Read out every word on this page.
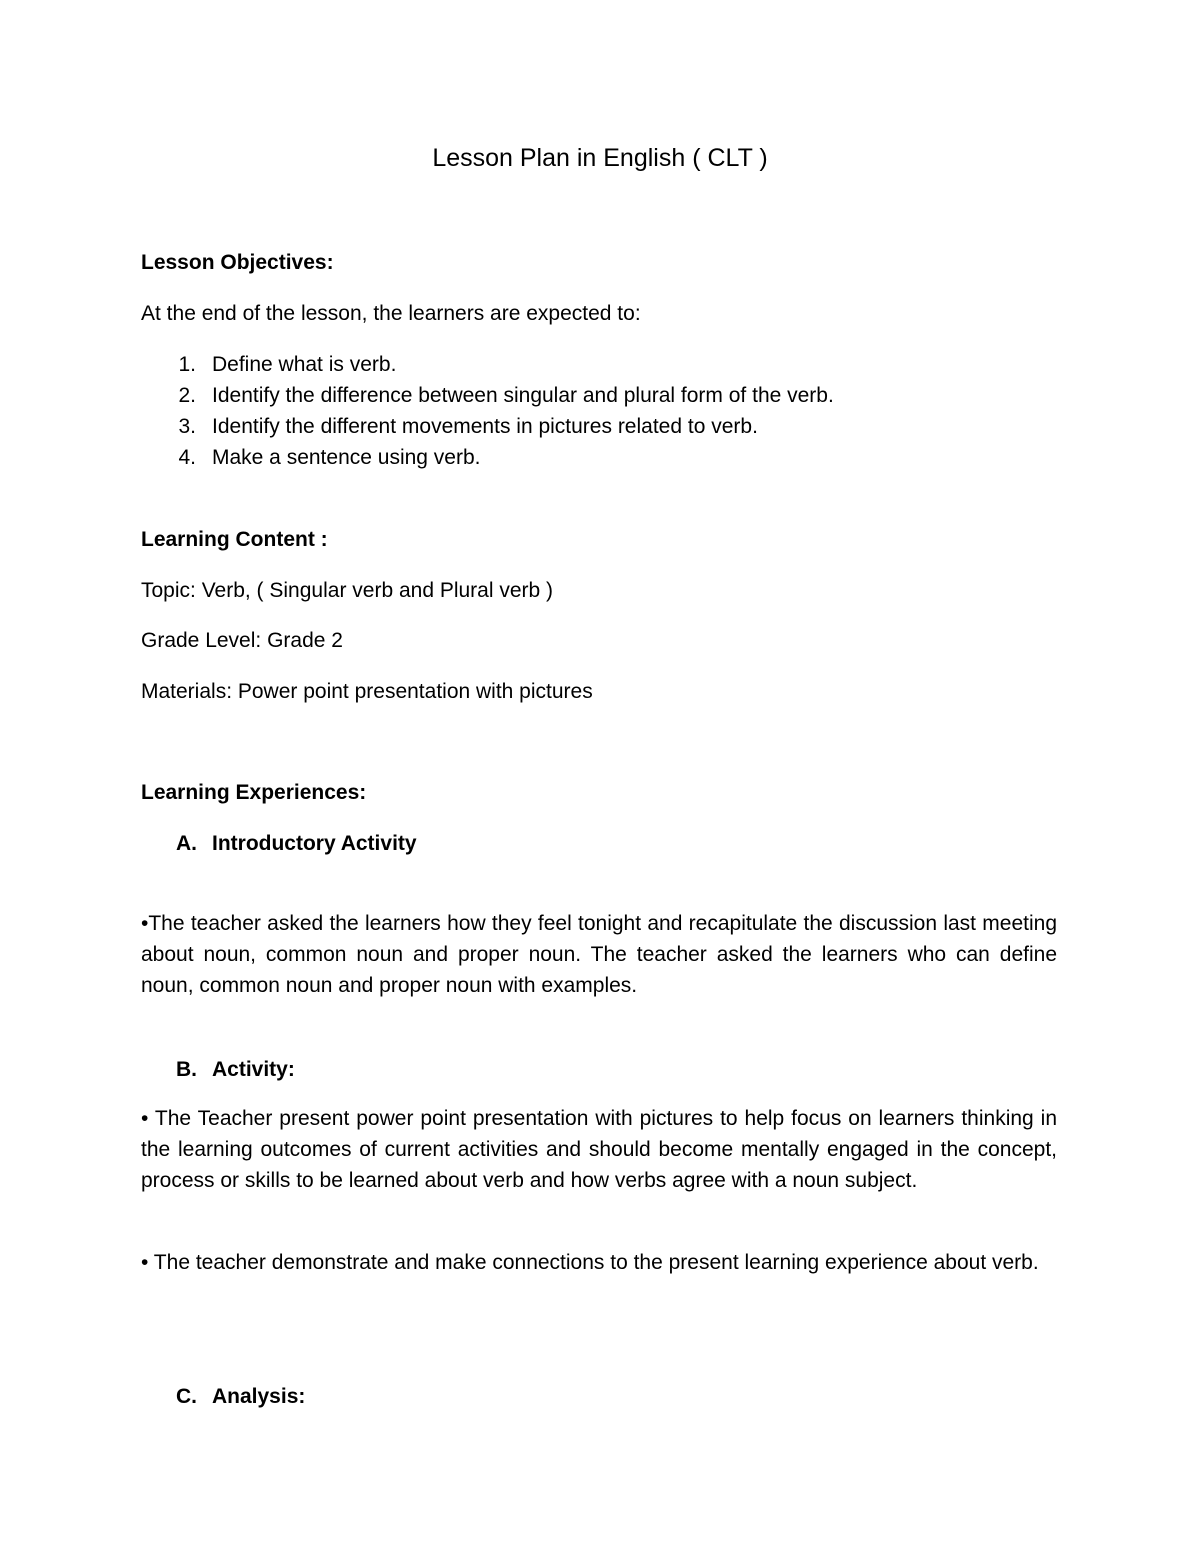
Lesson Plan in English ( CLT )
Lesson Objectives:
At the end of the lesson, the learners are expected to:
1. Define what is verb.
2. Identify the difference between singular and plural form of the verb.
3. Identify the different movements in pictures related to verb.
4. Make a sentence using verb.
Learning Content :
Topic: Verb, ( Singular verb and Plural verb )
Grade Level: Grade 2
Materials: Power point presentation with pictures
Learning Experiences:
A. Introductory Activity
•The teacher asked the learners how they feel tonight and recapitulate the discussion last meeting about noun, common noun and proper noun. The teacher asked the learners who can define noun, common noun and proper noun with examples.
B. Activity:
• The Teacher present power point presentation with pictures to help focus on learners thinking in the learning outcomes of current activities and should become mentally engaged in the concept, process or skills to be learned about verb and how verbs agree with a noun subject.
• The teacher demonstrate and make connections to the present learning experience about verb.
C. Analysis:
